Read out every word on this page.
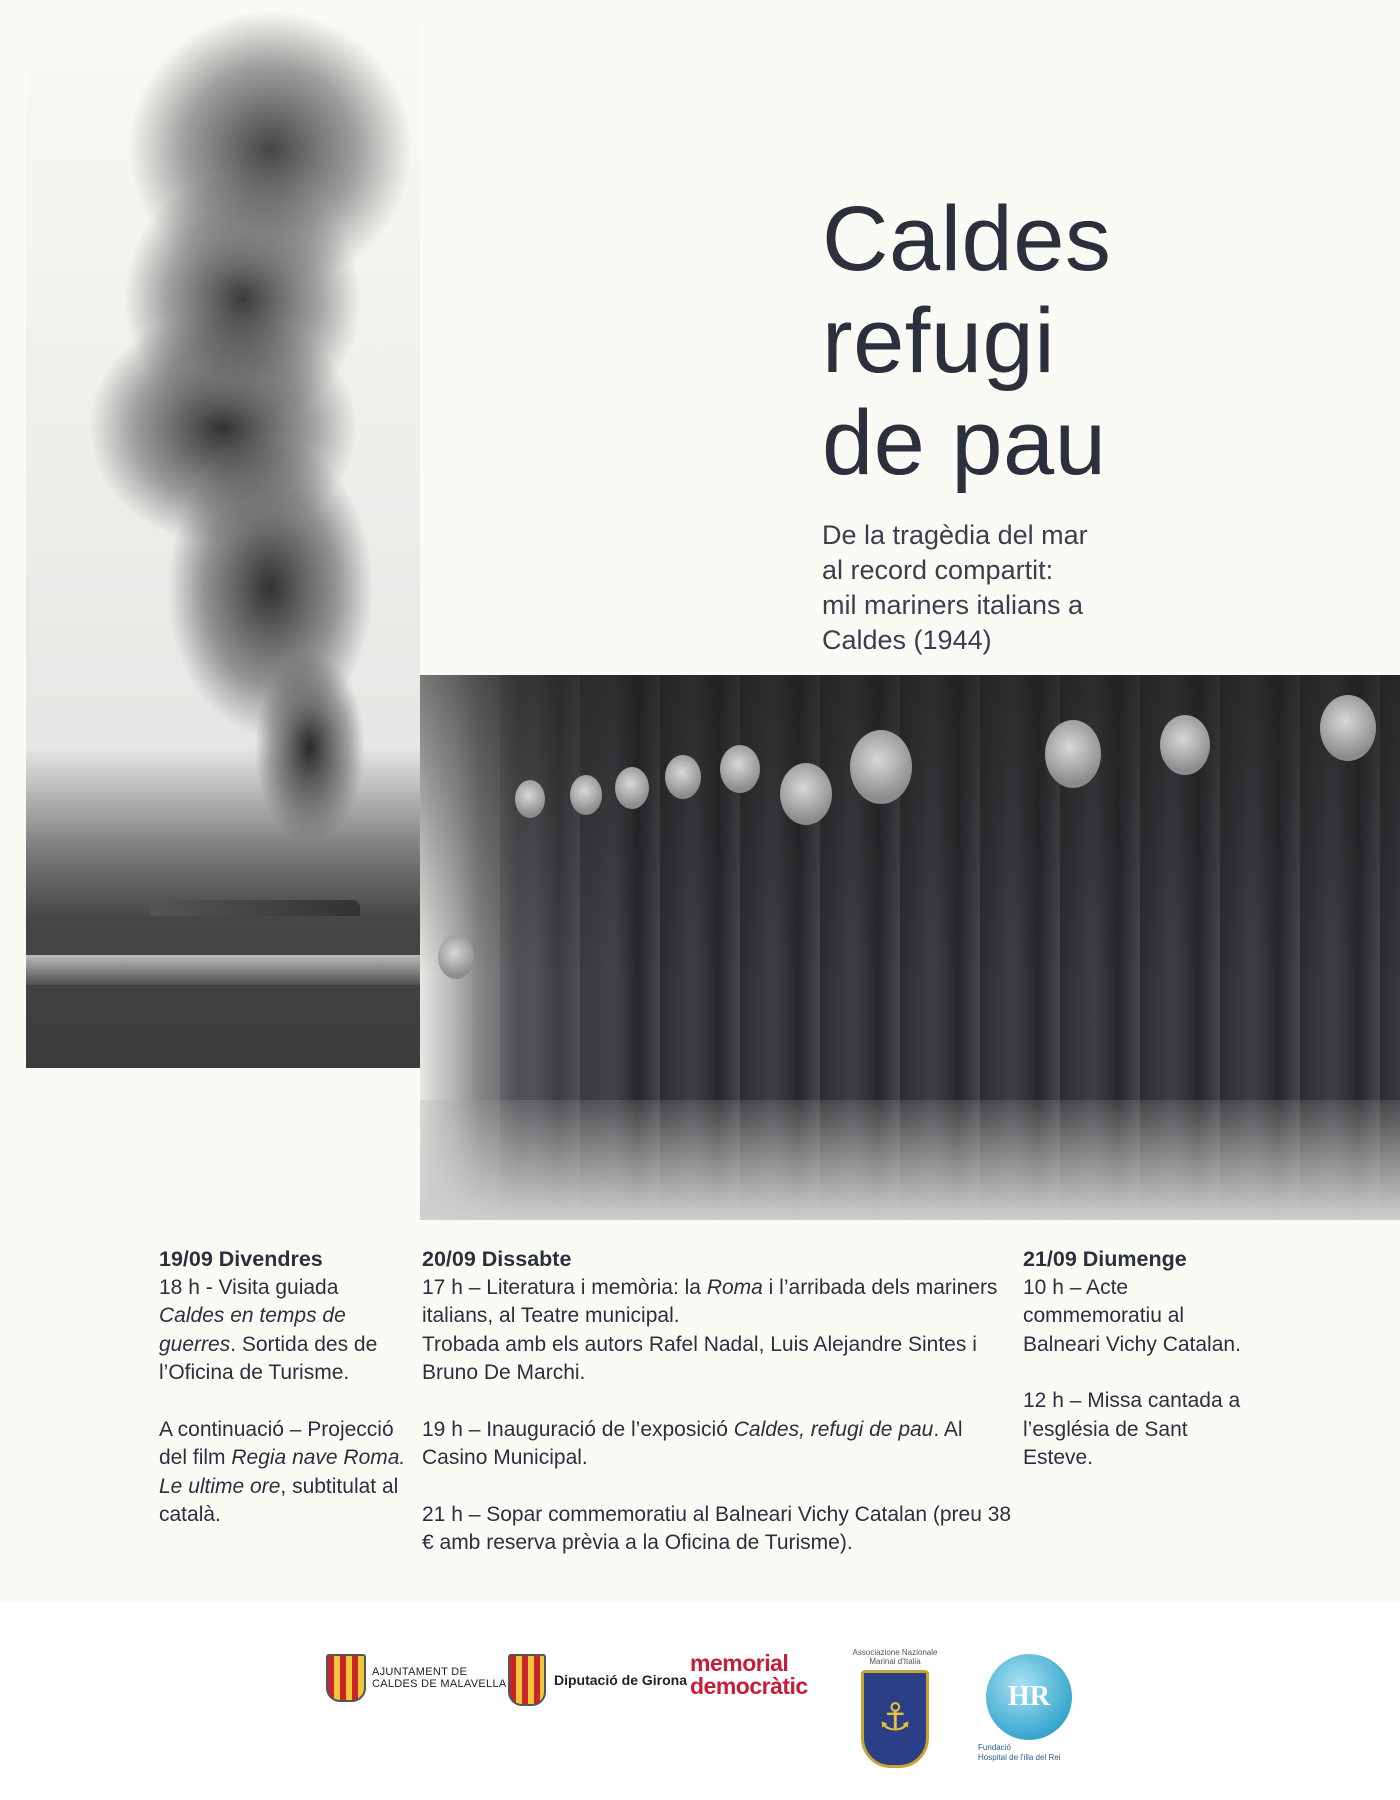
Caldes
refugi
de pau
De la tragèdia del mar
al record compartit:
mil mariners italians a
Caldes (1944)
19/09 Divendres

18 h - Visita guiada Caldes en temps de guerres. Sortida des de l’Oficina de Turisme.

A continuació – Projecció del film Regia nave Roma. Le ultime ore, subtitulat al català.

20/09 Dissabte

17 h – Literatura i memòria: la Roma i l’arribada dels mariners italians, al Teatre municipal.
Trobada amb els autors Rafel Nadal, Luis Alejandre Sintes i Bruno De Marchi.

19 h – Inauguració de l’exposició Caldes, refugi de pau. Al Casino Municipal.

21 h – Sopar commemoratiu al Balneari Vichy Catalan (preu 38 € amb reserva prèvia a la Oficina de Turisme).

21/09 Diumenge

10 h – Acte commemoratiu al Balneari Vichy Catalan.

12 h – Missa cantada a l’església de Sant Esteve.

AJUNTAMENT DE
CALDES DE MALAVELLA	Diputació de Girona
memorial
democràtic
Associazione Nazionale
Marinai d'Italia
⚓	HR
Fundació
Hospital de l'illa del Rei
